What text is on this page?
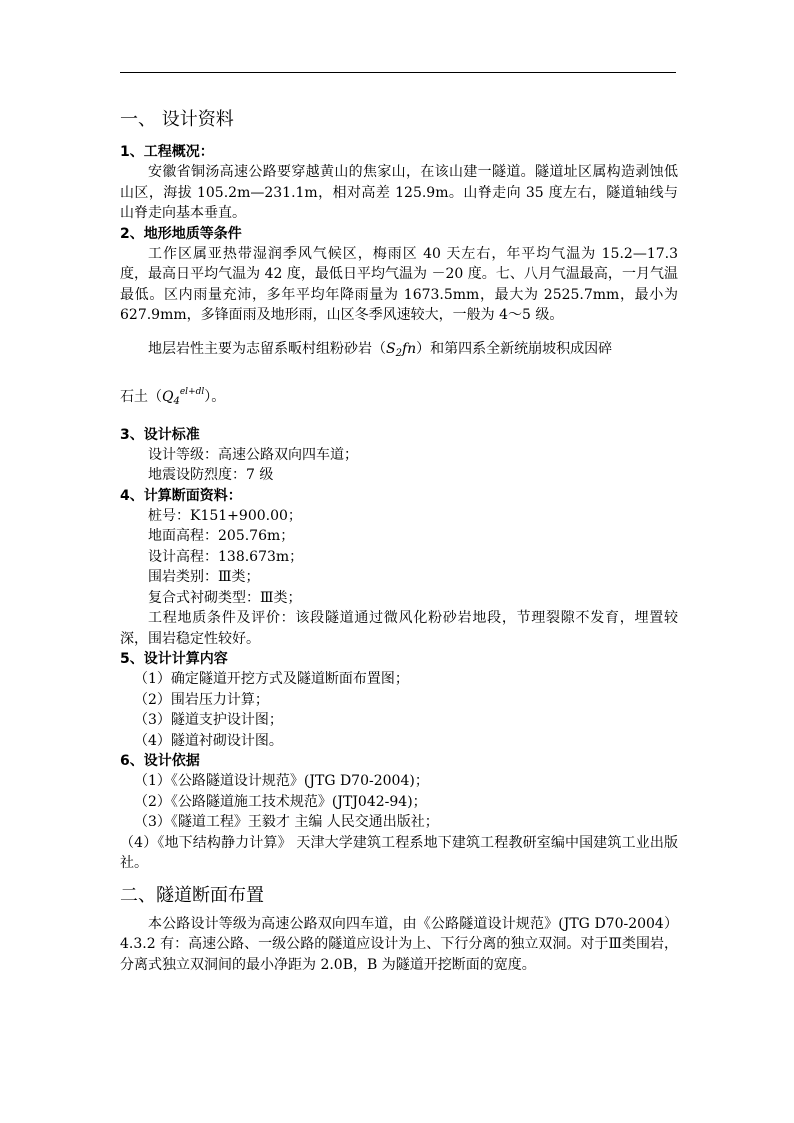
一、 设计资料
1、工程概况：

安徽省铜汤高速公路要穿越黄山的焦家山，在该山建一隧道。隧道址区属构造剥蚀低山区，海拔 105.2m—231.1m，相对高差 125.9m。山脊走向 35 度左右，隧道轴线与山脊走向基本垂直。

2、地形地质等条件

工作区属亚热带湿润季风气候区，梅雨区 40 天左右，年平均气温为 15.2—17.3 度，最高日平均气温为 42 度，最低日平均气温为 －20 度。七、八月气温最高，一月气温最低。区内雨量充沛，多年平均年降雨量为 1673.5mm，最大为 2525.7mm，最小为 627.9mm，多锋面雨及地形雨，山区冬季风速较大，一般为 4～5 级。

地层岩性主要为志留系畈村组粉砂岩$(S_2fn)$和第四系全新统崩坡积成因碎

石土$(Q_4^{el+dl})$。

3、设计标准

设计等级：高速公路双向四车道；

地震设防烈度：7 级

4、计算断面资料：

桩号：K151+900.00；

地面高程：205.76m；

设计高程：138.673m；

围岩类别：Ⅲ类；

复合式衬砌类型：Ⅲ类；

工程地质条件及评价：该段隧道通过微风化粉砂岩地段，节理裂隙不发育，埋置较深，围岩稳定性较好。

5、设计计算内容

（1）确定隧道开挖方式及隧道断面布置图；

（2）围岩压力计算；

（3）隧道支护设计图；

（4）隧道衬砌设计图。

6、设计依据

（1）《公路隧道设计规范》(JTG D70-2004)；

（2）《公路隧道施工技术规范》(JTJ042-94)；

（3）《隧道工程》王毅才 主编 人民交通出版社；

（4）《地下结构静力计算》 天津大学建筑工程系地下建筑工程教研室编中国建筑工业出版社。

二、隧道断面布置

本公路设计等级为高速公路双向四车道，由《公路隧道设计规范》(JTG D70-2004）4.3.2 有：高速公路、一级公路的隧道应设计为上、下行分离的独立双洞。对于Ⅲ类围岩，分离式独立双洞间的最小净距为 2.0B，B 为隧道开挖断面的宽度。
